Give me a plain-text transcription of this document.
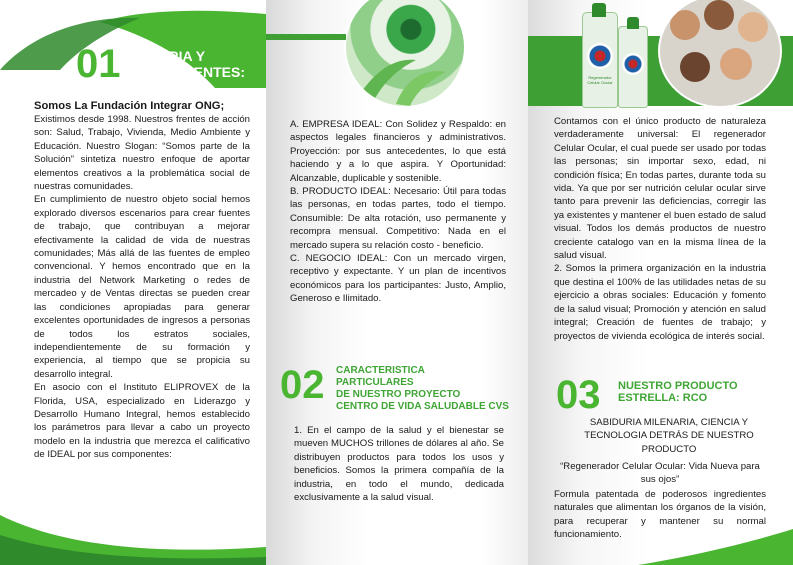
01 HISTORIA Y
ANTECEDENTES:

Somos La Fundación Integrar ONG;

Existimos desde 1998. Nuestros frentes de acción son: Salud, Trabajo, Vivienda, Medio Ambiente y Educación. Nuestro Slogan: “Somos parte de la Solución” sintetiza nuestro enfoque de aportar elementos creativos a la problemática social de nuestras comunidades.

En cumplimiento de nuestro objeto social hemos explorado diversos escenarios para crear fuentes de trabajo, que contribuyan a mejorar efectivamente la calidad de vida de nuestras comunidades; Más allá de las fuentes de empleo convencional. Y hemos encontrado que en la industria del Network Marketing o redes de mercadeo y de Ventas directas se pueden crear las condiciones apropiadas para generar excelentes oportunidades de ingresos a personas de todos los estratos sociales, independientemente de su formación y experiencia, al tiempo que se propicia su desarrollo integral.

En asocio con el Instituto ELIPROVEX de la Florida, USA, especializado en Liderazgo y Desarrollo Humano Integral, hemos establecido los parámetros para llevar a cabo un proyecto modelo en la industria que merezca el calificativo de IDEAL por sus componentes:

A. EMPRESA IDEAL: Con Solidez y Respaldo: en aspectos legales financieros y administrativos. Proyección: por sus antecedentes, lo que está haciendo y a lo que aspira. Y Oportunidad: Alcanzable, duplicable y sostenible.

B. PRODUCTO IDEAL: Necesario: Útil para todas las personas, en todas partes, todo el tiempo. Consumible: De alta rotación, uso permanente y recompra mensual. Competitivo: Nada en el mercado supera su relación costo - beneficio.

C. NEGOCIO IDEAL: Con un mercado virgen, receptivo y expectante. Y un plan de incentivos económicos para los participantes: Justo, Amplio, Generoso e Ilimitado.

02 CARACTERISTICA
PARTICULARES
DE NUESTRO PROYECTO
CENTRO DE VIDA SALUDABLE CVS
1. En el campo de la salud y el bienestar se mueven MUCHOS trillones de dólares al año. Se distribuyen productos para todos los usos y beneficios. Somos la primera compañía de la industria, en todo el mundo, dedicada exclusivamente a la salud visual.
Regenerador Celular Ocular

Contamos con el único producto de naturaleza verdaderamente universal: El regenerador Celular Ocular, el cual puede ser usado por todas las personas; sin importar sexo, edad, ni condición física; En todas partes, durante toda su vida. Ya que por ser nutrición celular ocular sirve tanto para prevenir las deficiencias, corregir las ya existentes y mantener el buen estado de salud visual. Todos los demás productos de nuestro creciente catalogo van en la misma línea de la salud visual.

2. Somos la primera organización en la industria que destina el 100% de las utilidades netas de su ejercicio a obras sociales: Educación y fomento de la salud visual; Promoción y atención en salud integral; Creación de fuentes de trabajo; y proyectos de vivienda ecológica de interés social.

03 NUESTRO PRODUCTO
ESTRELLA: RCO
SABIDURIA MILENARIA, CIENCIA Y TECNOLOGIA DETRÁS DE NUESTRO PRODUCTO
“Regenerador Celular Ocular: Vida Nueva para sus ojos”
Formula patentada de poderosos ingredientes naturales que alimentan los órganos de la visión, para recuperar y mantener su normal funcionamiento.
